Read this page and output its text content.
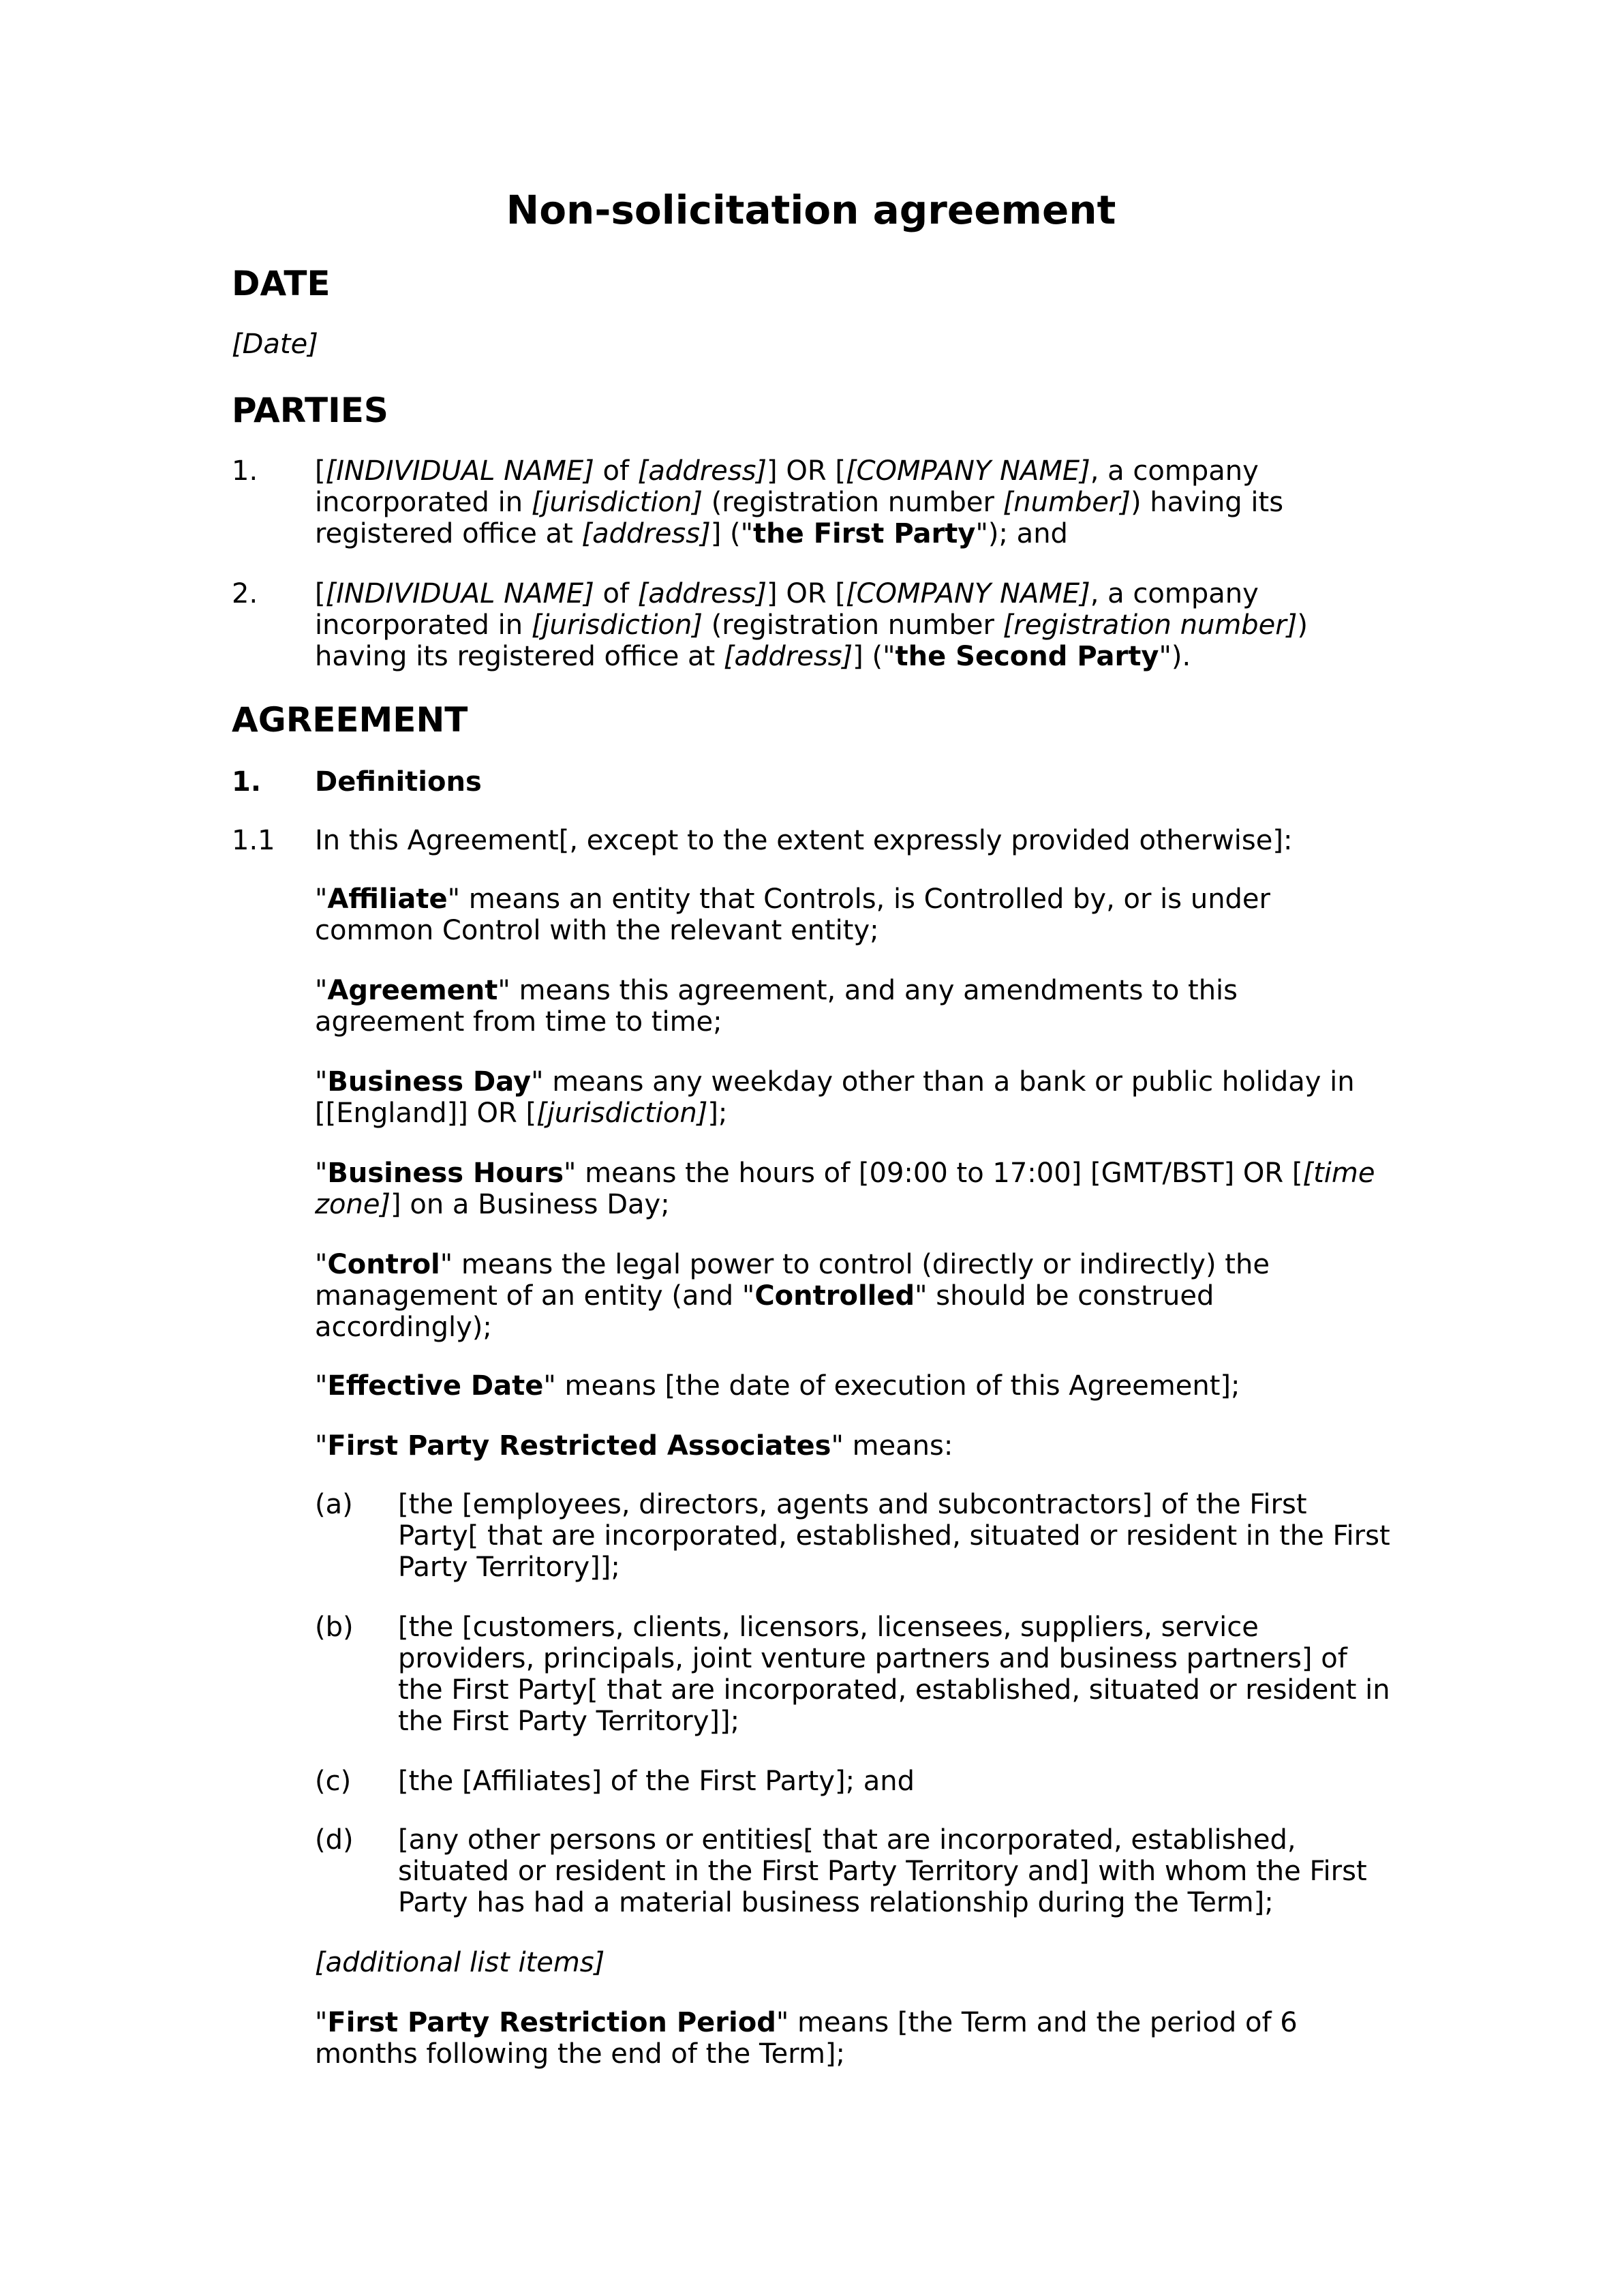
Non-solicitation agreement
DATE

[Date]

PARTIES
1. [[INDIVIDUAL NAME] of [address]] OR [[COMPANY NAME], a company

incorporated in [jurisdiction] (registration number [number]) having its

registered office at [address]] ("the First Party"); and

2. [[INDIVIDUAL NAME] of [address]] OR [[COMPANY NAME], a company

incorporated in [jurisdiction] (registration number [registration number])

having its registered office at [address]] ("the Second Party").

AGREEMENT
1. Definitions

1.1 In this Agreement[, except to the extent expressly provided otherwise]:

"Affiliate" means an entity that Controls, is Controlled by, or is under

common Control with the relevant entity;

"Agreement" means this agreement, and any amendments to this

agreement from time to time;

"Business Day" means any weekday other than a bank or public holiday in

[[England]] OR [[jurisdiction]];

"Business Hours" means the hours of [09:00 to 17:00] [GMT/BST] OR [[time

zone]] on a Business Day;

"Control" means the legal power to control (directly or indirectly) the

management of an entity (and "Controlled" should be construed

accordingly);

"Effective Date" means [the date of execution of this Agreement];

"First Party Restricted Associates" means:

(a) [the [employees, directors, agents and subcontractors] of the First

Party[ that are incorporated, established, situated or resident in the First

Party Territory]];

(b) [the [customers, clients, licensors, licensees, suppliers, service

providers, principals, joint venture partners and business partners] of

the First Party[ that are incorporated, established, situated or resident in

the First Party Territory]];

(c) [the [Affiliates] of the First Party]; and

(d) [any other persons or entities[ that are incorporated, established,

situated or resident in the First Party Territory and] with whom the First

Party has had a material business relationship during the Term];

[additional list items]

"First Party Restriction Period" means [the Term and the period of 6

months following the end of the Term];
